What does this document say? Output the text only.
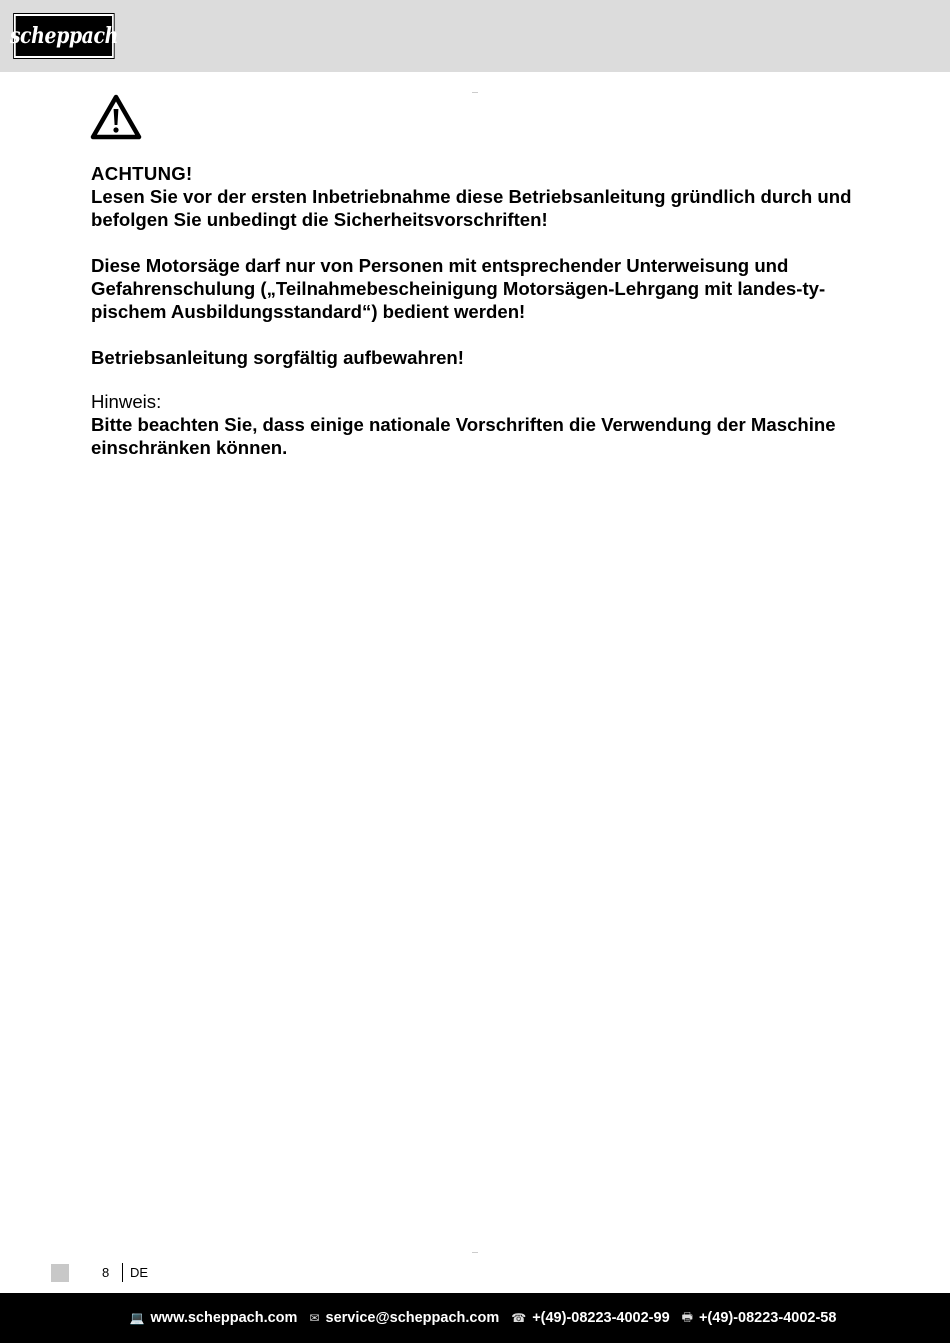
scheppach

ACHTUNG!

Lesen Sie vor der ersten Inbetriebnahme diese Betriebsanleitung gründlich durch und befolgen Sie unbedingt die Sicherheitsvorschriften!

Diese Motorsäge darf nur von Personen mit entsprechender Unterweisung und

Gefahrenschulung („Teilnahmebescheinigung Motorsägen-Lehrgang mit landes-ty-

pischem Ausbildungsstandard“) bedient werden!

Betriebsanleitung sorgfältig aufbewahren!

Hinweis:

Bitte beachten Sie, dass einige nationale Vorschriften die Verwendung der Maschine einschränken können.

8 DE
💻 www.scheppach.com ✉ service@scheppach.com ☎ +(49)-08223-4002-99 🖶 +(49)-08223-4002-58
